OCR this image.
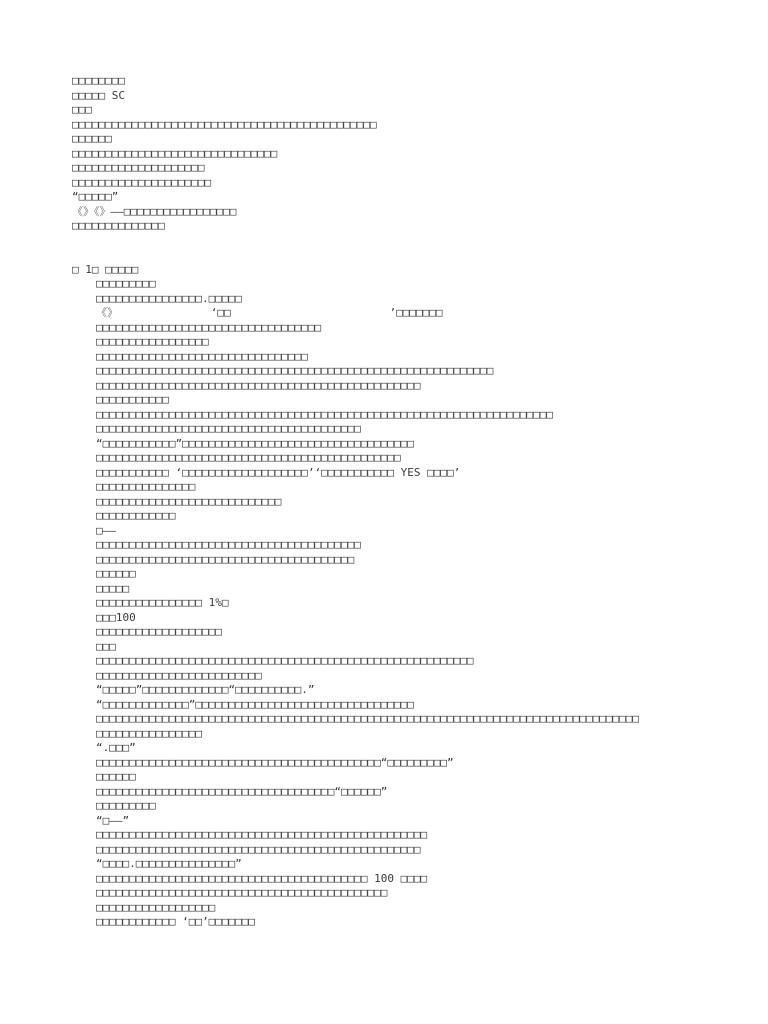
□□□□□□□□
□□□□□ SC
□□□
□□□□□□□□□□□□□□□□□□□□□□□□□□□□□□□□□□□□□□□□□□□□□□
□□□□□□
□□□□□□□□□□□□□□□□□□□□□□□□□□□□□□□
□□□□□□□□□□□□□□□□□□□□
□□□□□□□□□□□□□□□□□□□□□
“□□□□□”
《》《》——□□□□□□□□□□□□□□□□□
□□□□□□□□□□□□□□
□ 1□ □□□□□
□□□□□□□□□
□□□□□□□□□□□□□□□□.□□□□□
《》              ‘□□                        ’□□□□□□□
□□□□□□□□□□□□□□□□□□□□□□□□□□□□□□□□□□
□□□□□□□□□□□□□□□□□
□□□□□□□□□□□□□□□□□□□□□□□□□□□□□□□□
□□□□□□□□□□□□□□□□□□□□□□□□□□□□□□□□□□□□□□□□□□□□□□□□□□□□□□□□□□□□
□□□□□□□□□□□□□□□□□□□□□□□□□□□□□□□□□□□□□□□□□□□□□□□□□
□□□□□□□□□□□
□□□□□□□□□□□□□□□□□□□□□□□□□□□□□□□□□□□□□□□□□□□□□□□□□□□□□□□□□□□□□□□□□□□□□
□□□□□□□□□□□□□□□□□□□□□□□□□□□□□□□□□□□□□□□□
“□□□□□□□□□□□”□□□□□□□□□□□□□□□□□□□□□□□□□□□□□□□□□□□
□□□□□□□□□□□□□□□□□□□□□□□□□□□□□□□□□□□□□□□□□□□□□□
□□□□□□□□□□□ ‘□□□□□□□□□□□□□□□□□□□’‘□□□□□□□□□□□ YES □□□□’
□□□□□□□□□□□□□□□
□□□□□□□□□□□□□□□□□□□□□□□□□□□□
□□□□□□□□□□□□
□——
□□□□□□□□□□□□□□□□□□□□□□□□□□□□□□□□□□□□□□□□
□□□□□□□□□□□□□□□□□□□□□□□□□□□□□□□□□□□□□□□
□□□□□□
□□□□□
□□□□□□□□□□□□□□□□ 1%□
□□□100
□□□□□□□□□□□□□□□□□□□
□□□
□□□□□□□□□□□□□□□□□□□□□□□□□□□□□□□□□□□□□□□□□□□□□□□□□□□□□□□□□
□□□□□□□□□□□□□□□□□□□□□□□□□
“□□□□□”□□□□□□□□□□□□□“□□□□□□□□□□.”
“□□□□□□□□□□□□□”□□□□□□□□□□□□□□□□□□□□□□□□□□□□□□□□□
□□□□□□□□□□□□□□□□□□□□□□□□□□□□□□□□□□□□□□□□□□□□□□□□□□□□□□□□□□□□□□□□□□□□□□□□□□□□□□□□□□
□□□□□□□□□□□□□□□□
“.□□□”
□□□□□□□□□□□□□□□□□□□□□□□□□□□□□□□□□□□□□□□□□□□“□□□□□□□□□”
□□□□□□
□□□□□□□□□□□□□□□□□□□□□□□□□□□□□□□□□□□□“□□□□□□”
□□□□□□□□□
“□——”
□□□□□□□□□□□□□□□□□□□□□□□□□□□□□□□□□□□□□□□□□□□□□□□□□□
□□□□□□□□□□□□□□□□□□□□□□□□□□□□□□□□□□□□□□□□□□□□□□□□□
“□□□□.□□□□□□□□□□□□□□□”
□□□□□□□□□□□□□□□□□□□□□□□□□□□□□□□□□□□□□□□□□ 100 □□□□
□□□□□□□□□□□□□□□□□□□□□□□□□□□□□□□□□□□□□□□□□□□□
□□□□□□□□□□□□□□□□□□
□□□□□□□□□□□□ ‘□□’□□□□□□□
